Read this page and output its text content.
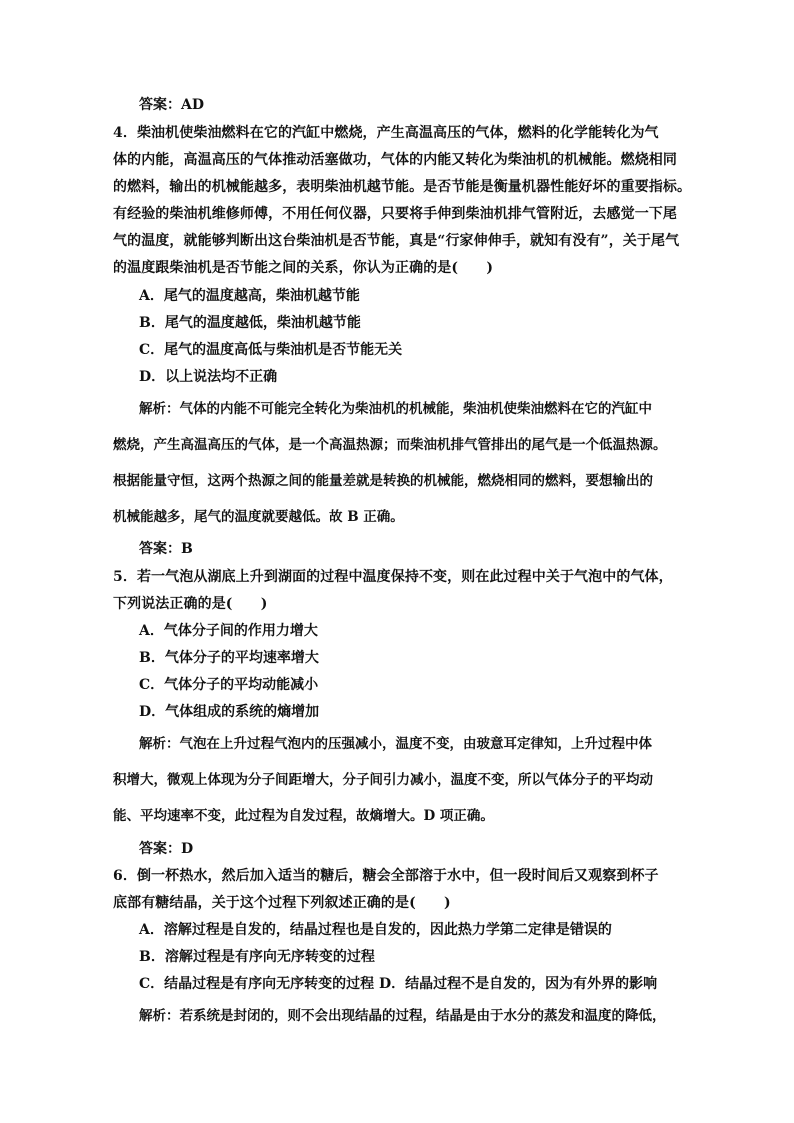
答案：AD
4．柴油机使柴油燃料在它的汽缸中燃烧，产生高温高压的气体，燃料的化学能转化为气
体的内能，高温高压的气体推动活塞做功，气体的内能又转化为柴油机的机械能。燃烧相同
的燃料，输出的机械能越多，表明柴油机越节能。是否节能是衡量机器性能好坏的重要指标。
有经验的柴油机维修师傅，不用任何仪器，只要将手伸到柴油机排气管附近，去感觉一下尾
气的温度，就能够判断出这台柴油机是否节能，真是“行家伸伸手，就知有没有”，关于尾气
的温度跟柴油机是否节能之间的关系，你认为正确的是(　　)
A．尾气的温度越高，柴油机越节能
B．尾气的温度越低，柴油机越节能
C．尾气的温度高低与柴油机是否节能无关
D．以上说法均不正确
解析：气体的内能不可能完全转化为柴油机的机械能，柴油机使柴油燃料在它的汽缸中
燃烧，产生高温高压的气体，是一个高温热源；而柴油机排气管排出的尾气是一个低温热源。
根据能量守恒，这两个热源之间的能量差就是转换的机械能，燃烧相同的燃料，要想输出的
机械能越多，尾气的温度就要越低。故 B 正确。
答案：B
5．若一气泡从湖底上升到湖面的过程中温度保持不变，则在此过程中关于气泡中的气体，
下列说法正确的是(　　)
A．气体分子间的作用力增大
B．气体分子的平均速率增大
C．气体分子的平均动能减小
D．气体组成的系统的熵增加
解析：气泡在上升过程气泡内的压强减小，温度不变，由玻意耳定律知，上升过程中体
积增大，微观上体现为分子间距增大，分子间引力减小，温度不变，所以气体分子的平均动
能、平均速率不变，此过程为自发过程，故熵增大。D 项正确。
答案：D
6．倒一杯热水，然后加入适当的糖后，糖会全部溶于水中，但一段时间后又观察到杯子
底部有糖结晶，关于这个过程下列叙述正确的是(　　)
A．溶解过程是自发的，结晶过程也是自发的，因此热力学第二定律是错误的
B．溶解过程是有序向无序转变的过程
C．结晶过程是有序向无序转变的过程 D．结晶过程不是自发的，因为有外界的影响
解析：若系统是封闭的，则不会出现结晶的过程，结晶是由于水分的蒸发和温度的降低，
